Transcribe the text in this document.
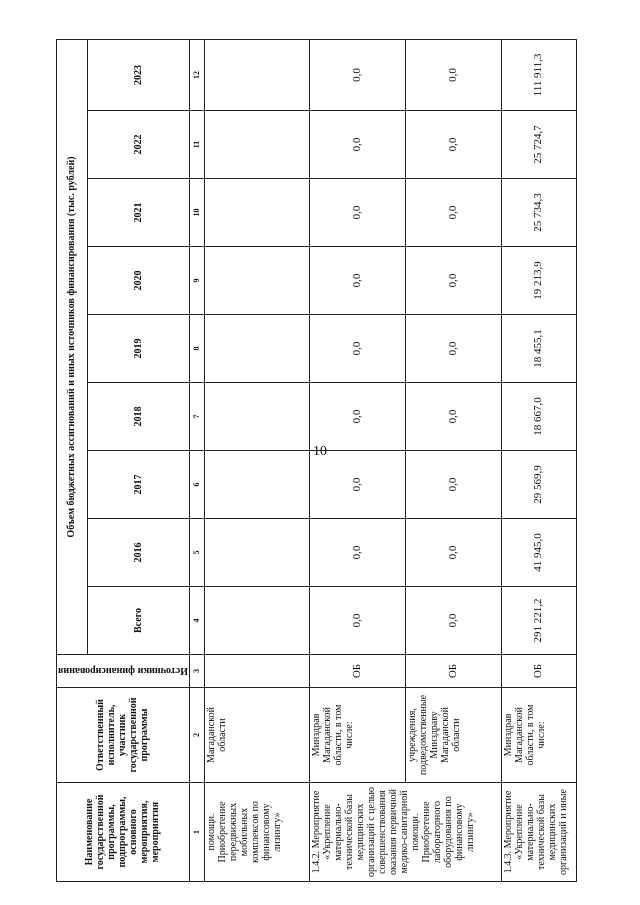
10
Наименование государственной программы, подпрограммы, основного мероприятия, мероприятия	Ответственный исполнитель, участник государственной программы	Источники финансирования	Объем бюджетных ассигнований и иных источников финансирования (тыс. рублей)								
			Всего	2016	2017	2018	2019	2020	2021	2022	2023
1	2	3	4	5	6	7	8	9	10	11	12
помощи. Приобретение передвижных мобильных комплексов по финансовому лизингу»	Магаданской области										
1.4.2. Мероприятие «Укрепление материально-технической базы медицинских организаций с целью совершенствования оказания первичной медико-санитарной помощи. Приобретение лабораторного оборудования по финансовому лизингу»	Минздрав Магаданской области, в том числе:	ОБ	0,0	0,0	0,0	0,0	0,0	0,0	0,0	0,0	0,0
	учреждения, подведомственные Минздраву Магаданской области	ОБ	0,0	0,0	0,0	0,0	0,0	0,0	0,0	0,0	0,0
1.4.3. Мероприятие «Укрепление материально-технической базы медицинских организаций и иные	Минздрав Магаданской области, в том числе:	ОБ	291 221,2	41 945,0	29 569,9	18 667,0	18 455,1	19 213,9	25 734,3	25 724,7	111 911,3
